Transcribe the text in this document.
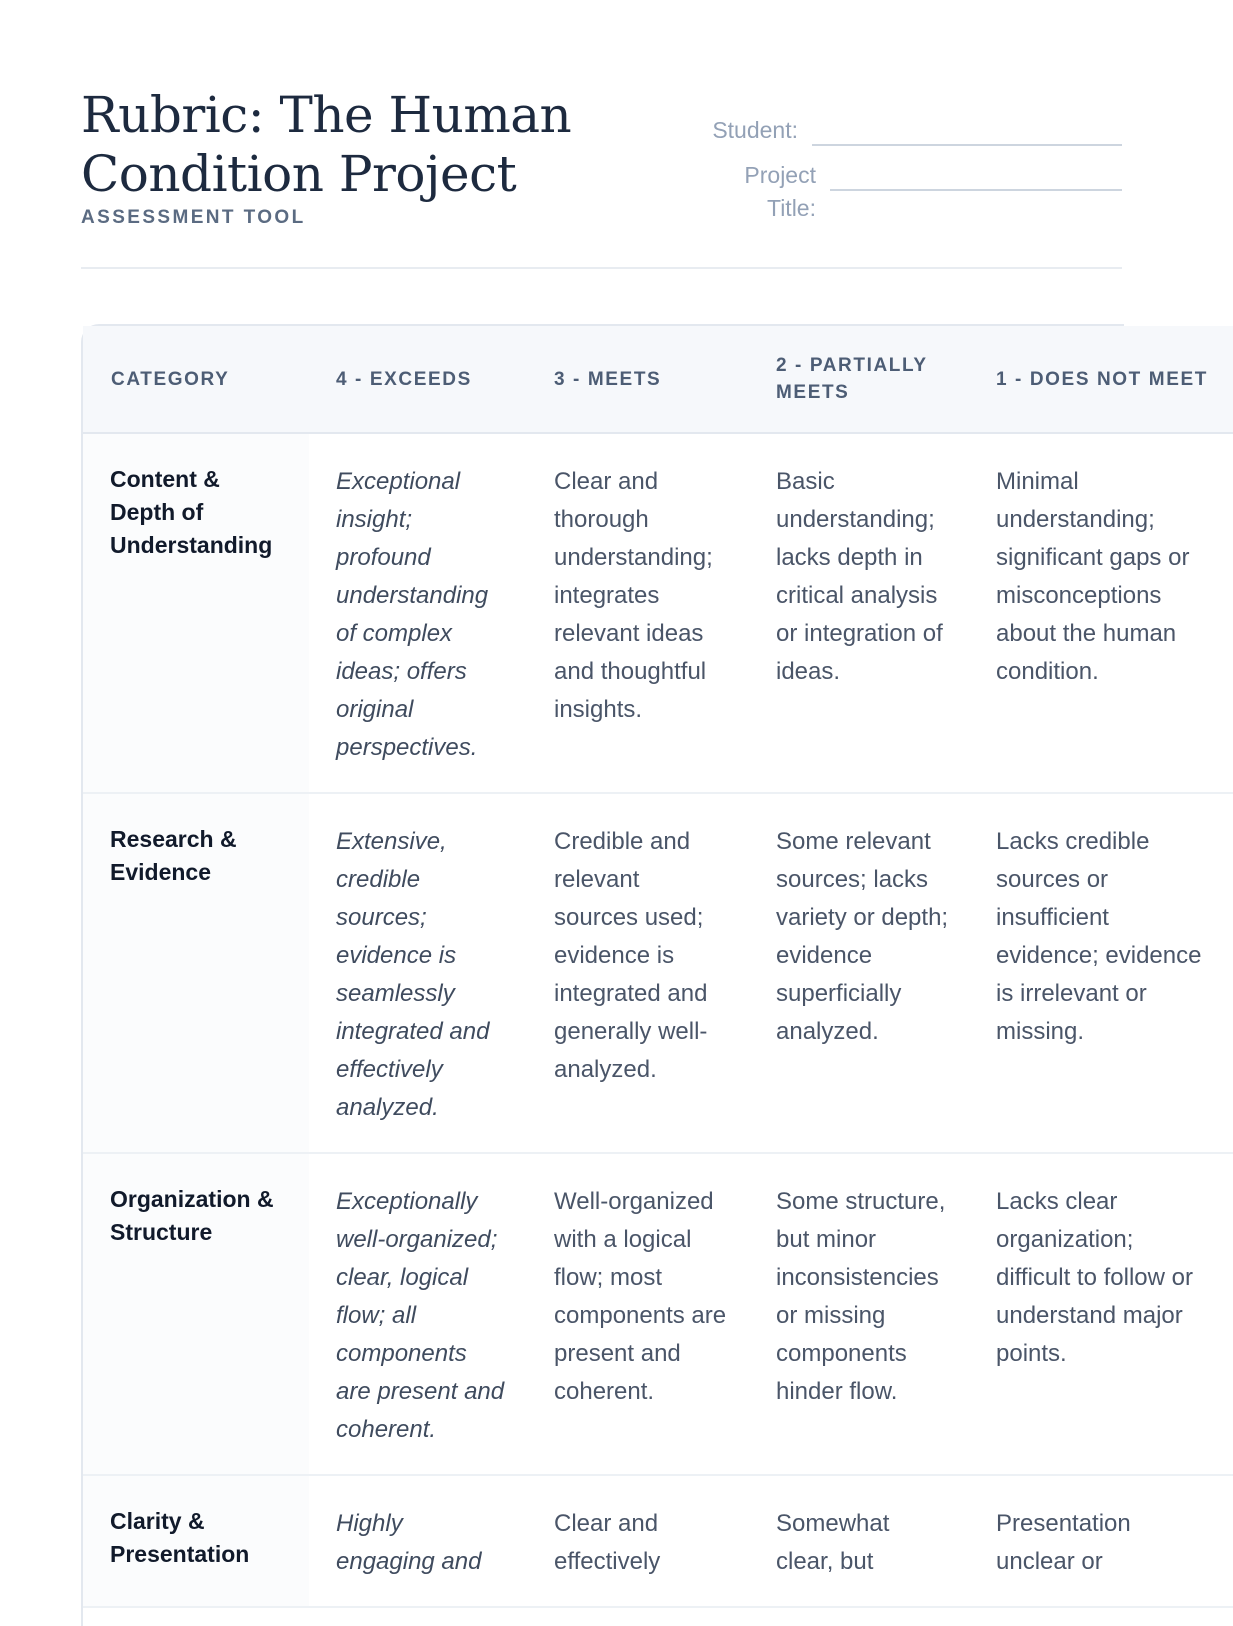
Rubric: The Human Condition Project
ASSESSMENT TOOL
Student:
Project Title:
CATEGORY	4 - EXCEEDS	3 - MEETS	2 - PARTIALLY MEETS	1 - DOES NOT MEET
Content & Depth of Understanding	Exceptional insight; profound understanding of complex ideas; offers original perspectives.	Clear and thorough understanding; integrates relevant ideas and thoughtful insights.	Basic understanding; lacks depth in critical analysis or integration of ideas.	Minimal understanding; significant gaps or misconceptions about the human condition.
Research & Evidence	Extensive, credible sources; evidence is seamlessly integrated and effectively analyzed.	Credible and relevant sources used; evidence is integrated and generally well-analyzed.	Some relevant sources; lacks variety or depth; evidence superficially analyzed.	Lacks credible sources or insufficient evidence; evidence is irrelevant or missing.
Organization & Structure	Exceptionally well-organized; clear, logical flow; all components are present and coherent.	Well-organized with a logical flow; most components are present and coherent.	Some structure, but minor inconsistencies or missing components hinder flow.	Lacks clear organization; difficult to follow or understand major points.
Clarity & Presentation	Highly engaging and	Clear and effectively	Somewhat clear, but	Presentation unclear or
